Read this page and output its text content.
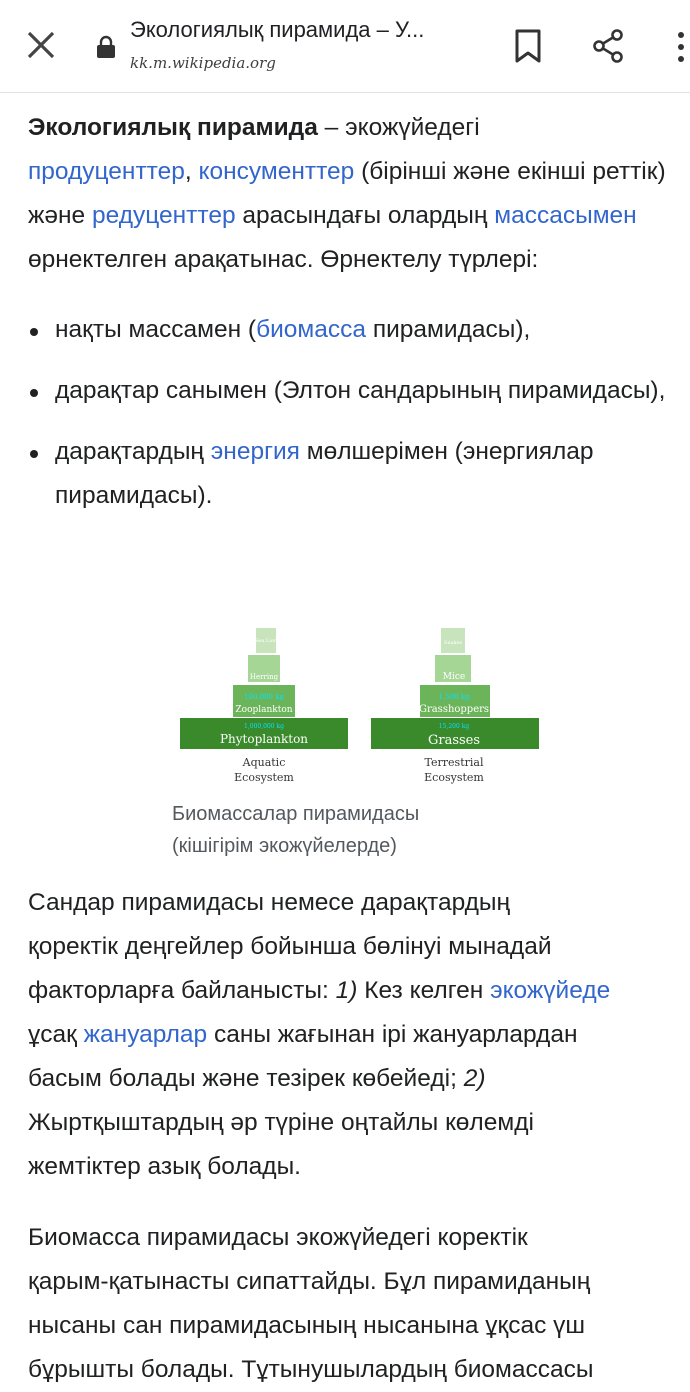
Экологиялық пирамида – У...
kk.m.wikipedia.org

Экологиялық пирамида – экожүйедегі
продуценттер, консументтер (бірінші және екінші реттік) және редуценттер арасындағы олардың массасымен өрнектелген арақатынас. Өрнектелу түрлері:

нақты массамен (биомасса пирамидасы),
дарақтар санымен (Элтон сандарының пирамидасы),
дарақтардың энергия мөлшерімен (энергиялар пирамидасы).
Sea Lion
Herring
100,000 kg
Zooplankton
1,000,000 kg
Phytoplankton
Aquatic
Ecosystem
Snakes
Mice
1,500 kg
Grasshoppers
15,200 kg
Grasses
Terrestrial
Ecosystem
Биомассалар пирамидасы (кішігірім экожүйелерде)

Сандар пирамидасы немесе дарақтардың

қоректік деңгейлер бойынша бөлінуі мынадай

факторларға байланысты: 1) Кез келген экожүйеде

ұсақ жануарлар саны жағынан ірі жануарлардан

басым болады және тезірек көбейеді; 2)

Жыртқыштардың әр түріне оңтайлы көлемді

жемтіктер азық болады.

Биомасса пирамидасы экожүйедегі коректік

қарым-қатынасты сипаттайды. Бұл пирамиданың

нысаны сан пирамидасының нысанына ұқсас үш

бұрышты болады. Тұтынушылардың биомассасы
